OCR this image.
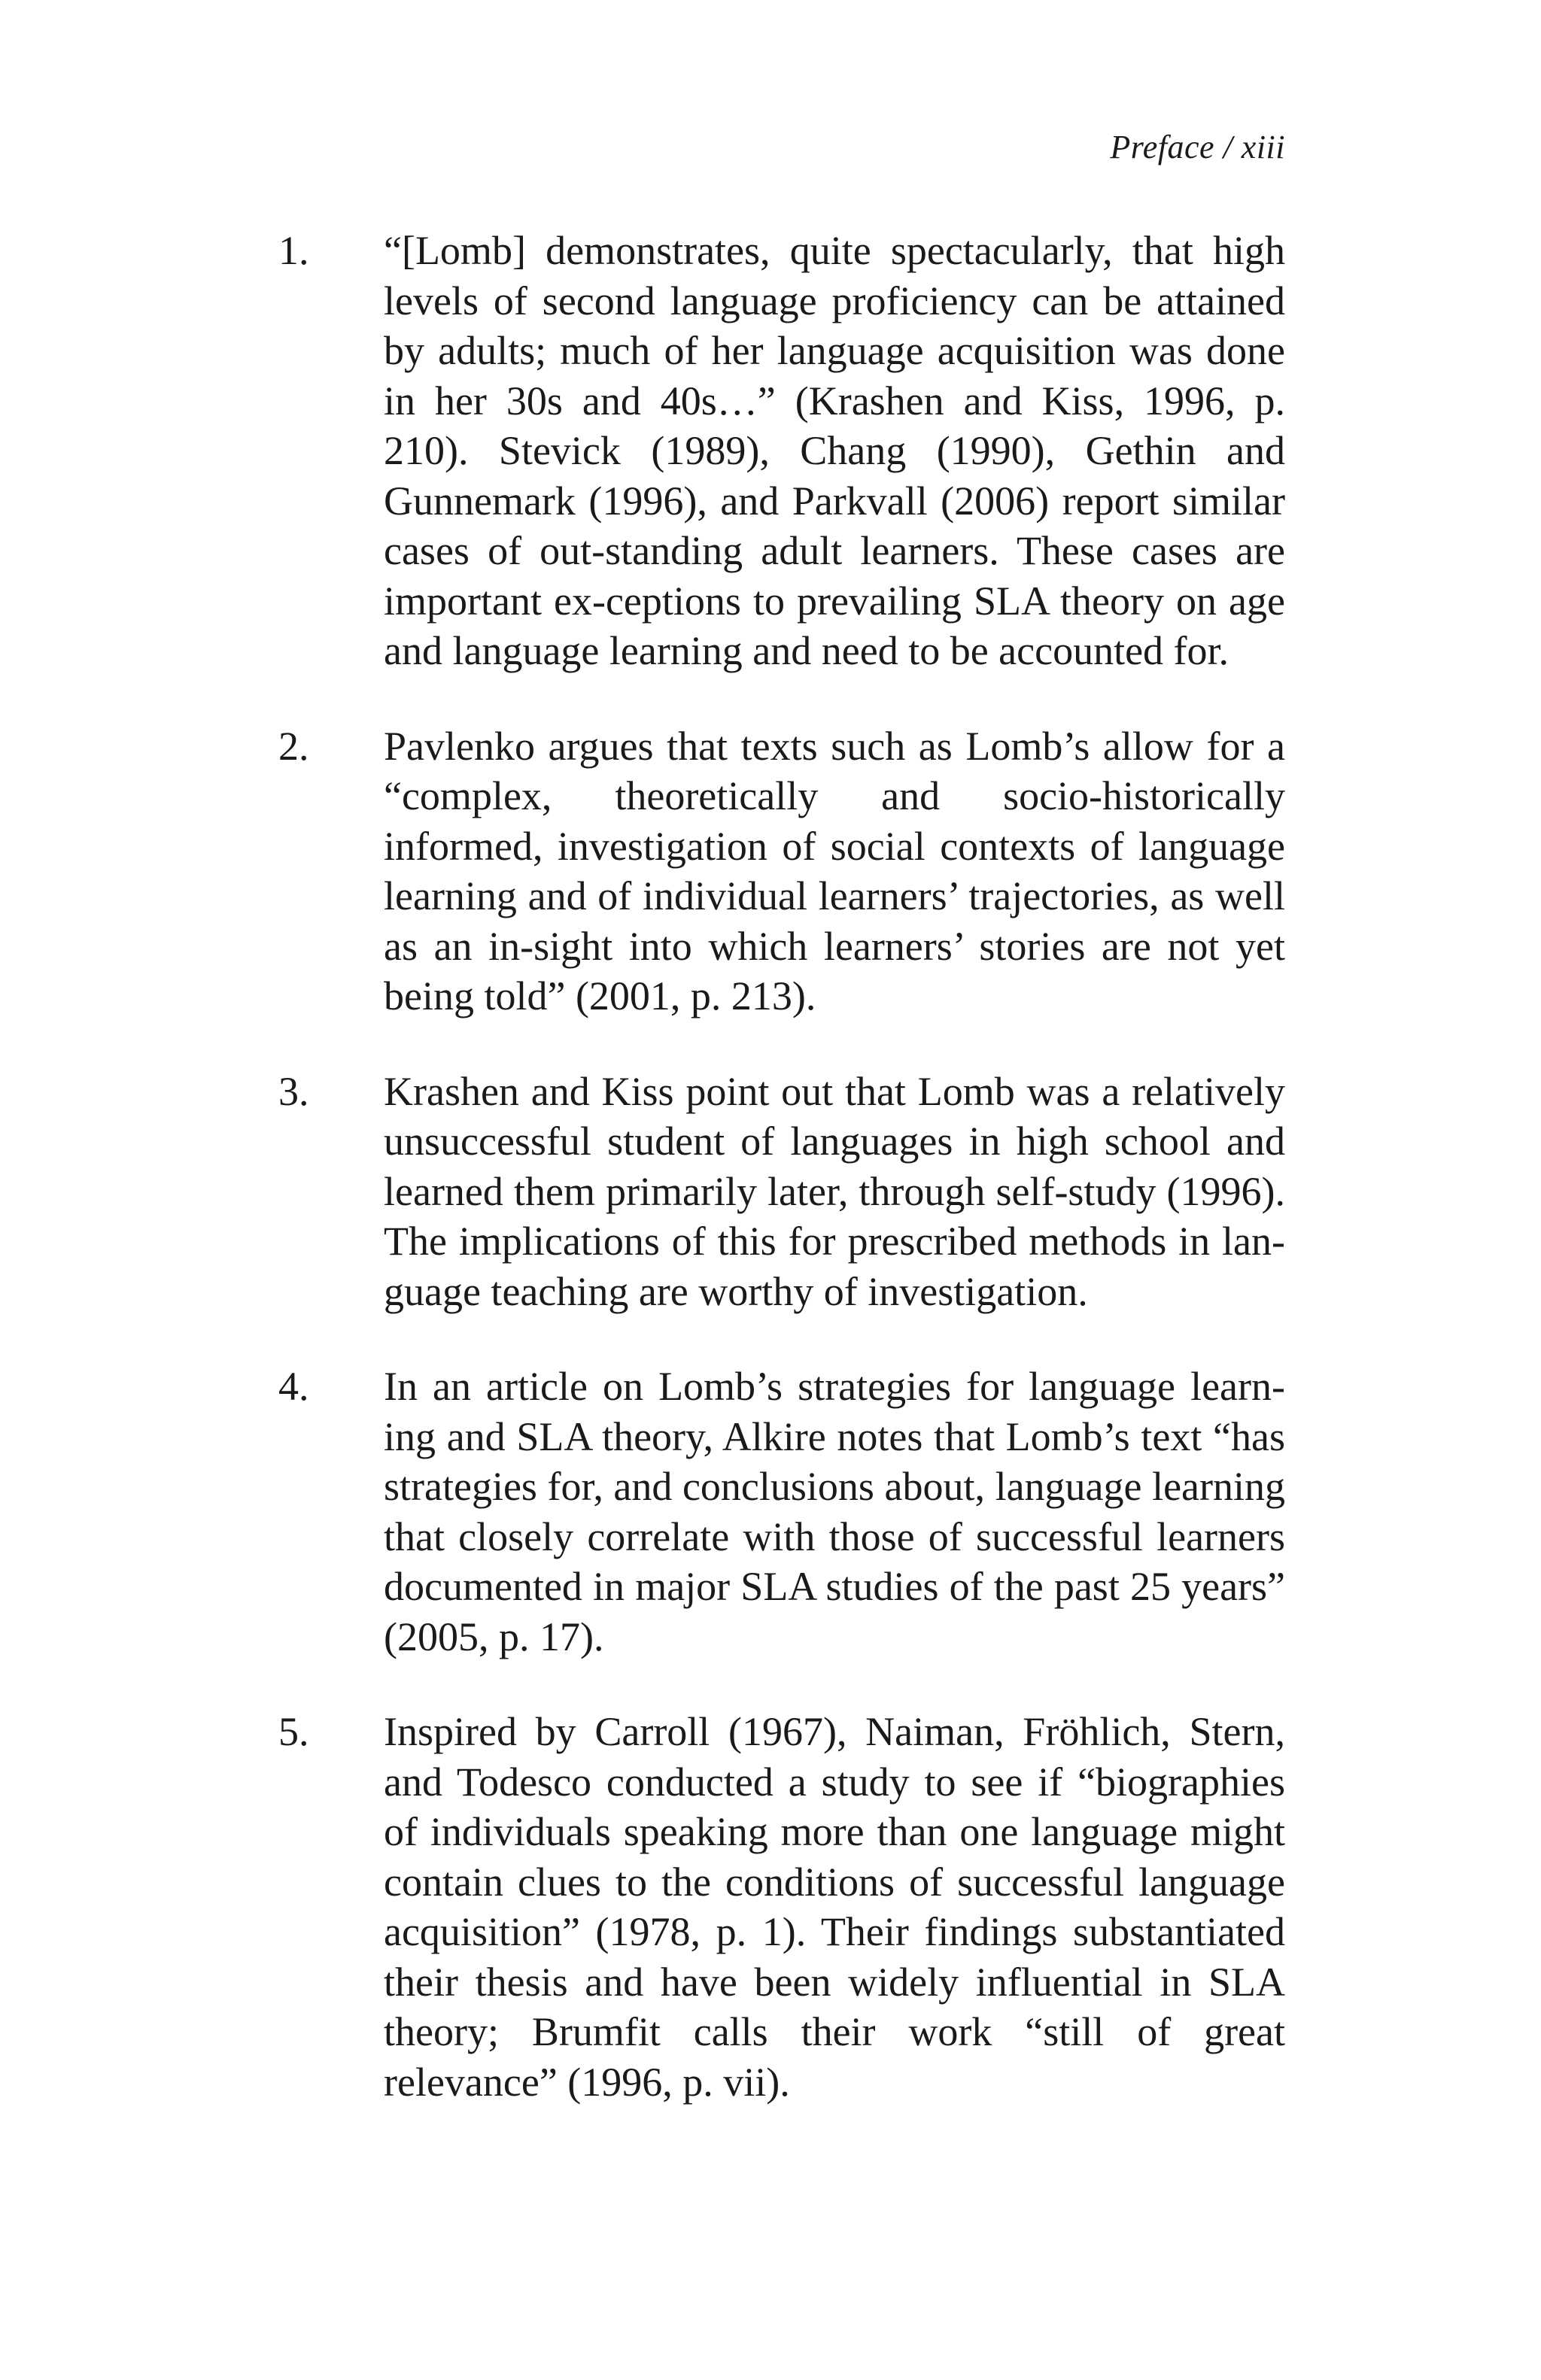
Preface / xiii
1.	“[Lomb] demonstrates, quite spectacularly, that high levels of second language proficiency can be attained by adults; much of her language acquisition was done in her 30s and 40s…” (Krashen and Kiss, 1996, p. 210). Stevick (1989), Chang (1990), Gethin and Gunnemark (1996), and Parkvall (2006) report similar cases of out-standing adult learners. These cases are important ex-ceptions to prevailing SLA theory on age and language learning and need to be accounted for.
2.	Pavlenko argues that texts such as Lomb’s allow for a “complex, theoretically and socio-historically informed, investigation of social contexts of language learning and of individual learners’ trajectories, as well as an in-sight into which learners’ stories are not yet being told” (2001, p. 213).
3.	Krashen and Kiss point out that Lomb was a relatively unsuccessful student of languages in high school and learned them primarily later, through self-study (1996). The implications of this for prescribed methods in lan-guage teaching are worthy of investigation.
4.	In an article on Lomb’s strategies for language learn-ing and SLA theory, Alkire notes that Lomb’s text “has strategies for, and conclusions about, language learning that closely correlate with those of successful learners documented in major SLA studies of the past 25 years” (2005, p. 17).
5.	Inspired by Carroll (1967), Naiman, Fröhlich, Stern, and Todesco conducted a study to see if “biographies of individuals speaking more than one language might contain clues to the conditions of successful language acquisition” (1978, p. 1). Their findings substantiated their thesis and have been widely influential in SLA theory; Brumfit calls their work “still of great relevance” (1996, p. vii).
